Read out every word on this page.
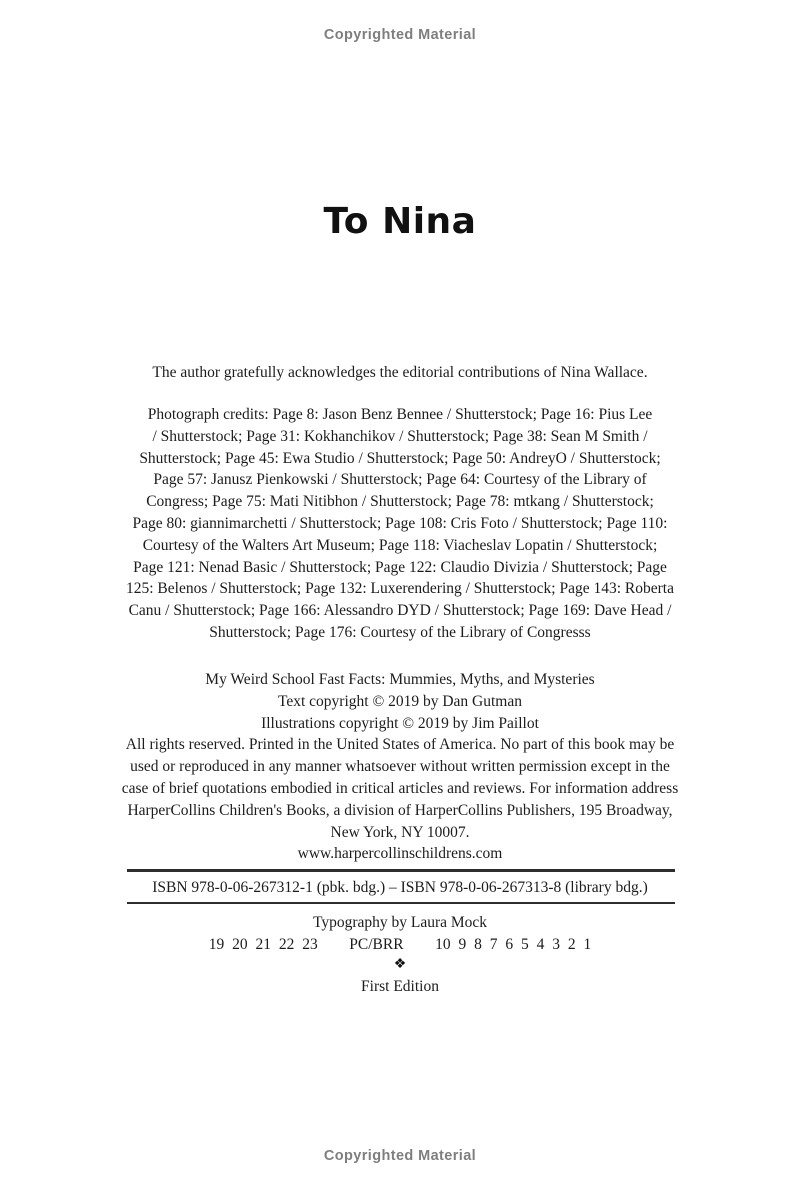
Copyrighted Material
To Nina
The author gratefully acknowledges the editorial contributions of Nina Wallace.
Photograph credits: Page 8: Jason Benz Bennee / Shutterstock; Page 16: Pius Lee
/ Shutterstock; Page 31: Kokhanchikov / Shutterstock; Page 38: Sean M Smith /
Shutterstock; Page 45: Ewa Studio / Shutterstock; Page 50: AndreyO / Shutterstock;
Page 57: Janusz Pienkowski / Shutterstock; Page 64: Courtesy of the Library of
Congress; Page 75: Mati Nitibhon / Shutterstock; Page 78: mtkang / Shutterstock;
Page 80: giannimarchetti / Shutterstock; Page 108: Cris Foto / Shutterstock; Page 110:
Courtesy of the Walters Art Museum; Page 118: Viacheslav Lopatin / Shutterstock;
Page 121: Nenad Basic / Shutterstock; Page 122: Claudio Divizia / Shutterstock; Page
125: Belenos / Shutterstock; Page 132: Luxerendering / Shutterstock; Page 143: Roberta
Canu / Shutterstock; Page 166: Alessandro DYD / Shutterstock; Page 169: Dave Head /
Shutterstock; Page 176: Courtesy of the Library of Congresss
My Weird School Fast Facts: Mummies, Myths, and Mysteries
Text copyright © 2019 by Dan Gutman
Illustrations copyright © 2019 by Jim Paillot
All rights reserved. Printed in the United States of America. No part of this book may be
used or reproduced in any manner whatsoever without written permission except in the
case of brief quotations embodied in critical articles and reviews. For information address
HarperCollins Children's Books, a division of HarperCollins Publishers, 195 Broadway,
New York, NY 10007.
www.harpercollinschildrens.com
ISBN 978-0-06-267312-1 (pbk. bdg.) – ISBN 978-0-06-267313-8 (library bdg.)
Typography by Laura Mock
19 20 21 22 23    PC/BRR    10 9 8 7 6 5 4 3 2 1
❖
First Edition
Copyrighted Material
